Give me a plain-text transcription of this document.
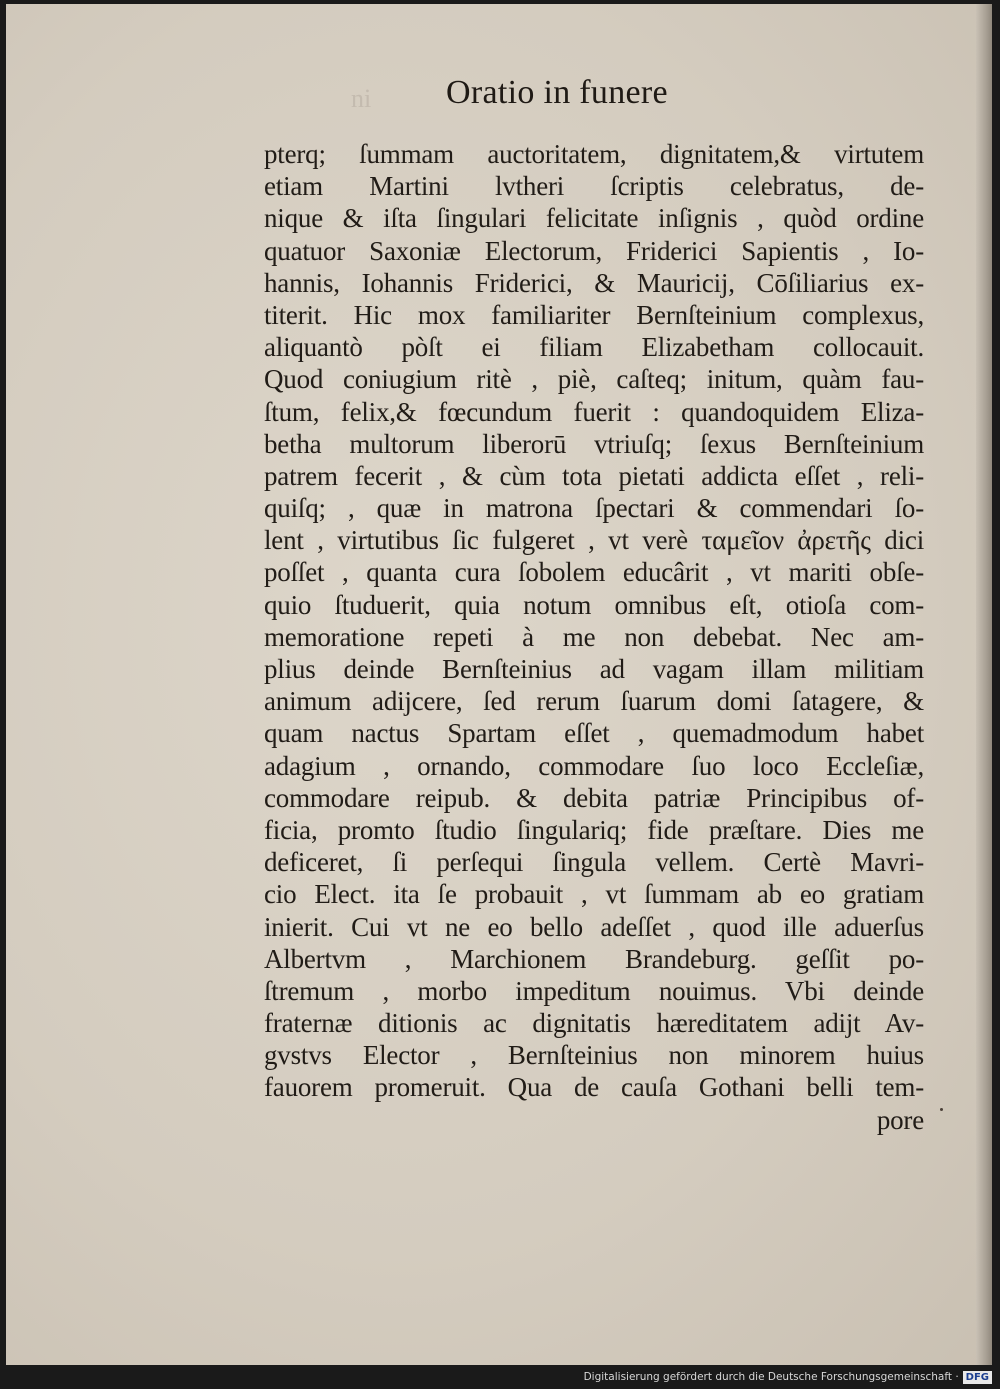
ni Oratio in funere
pterq; ſummam auctoritatem, dignitatem,& virtutem
etiam Martini lvtheri ſcriptis celebratus, de-
nique & iſta ſingulari felicitate inſignis , quòd ordine
quatuor Saxoniæ Electorum, Friderici Sapientis , Io-
hannis, Iohannis Friderici, & Mauricij, Cōſiliarius ex-
titerit. Hic mox familiariter Bernſteinium complexus,
aliquantò pòſt ei filiam Elizabetham collocauit.
Quod coniugium ritè , piè, caſteq; initum, quàm fau-
ſtum, felix,& fœcundum fuerit : quandoquidem Eliza-
betha multorum liberorū vtriuſq; ſexus Bernſteinium
patrem fecerit , & cùm tota pietati addicta eſſet , reli-
quiſq; , quæ in matrona ſpectari & commendari ſo-
lent , virtutibus ſic fulgeret , vt verè ταμεῖον ἀρετῆς dici
poſſet , quanta cura ſobolem educârit , vt mariti obſe-
quio ſtuduerit, quia notum omnibus eſt, otioſa com-
memoratione repeti à me non debebat. Nec am-
plius deinde Bernſteinius ad vagam illam militiam
animum adijcere, ſed rerum ſuarum domi ſatagere, &
quam nactus Spartam eſſet , quemadmodum habet
adagium , ornando, commodare ſuo loco Eccleſiæ,
commodare reipub. & debita patriæ Principibus of-
ficia, promto ſtudio ſingulariq; fide præſtare. Dies me
deficeret, ſi perſequi ſingula vellem. Certè Mavri-
cio Elect. ita ſe probauit , vt ſummam ab eo gratiam
inierit. Cui vt ne eo bello adeſſet , quod ille aduerſus
Albertvm , Marchionem Brandeburg. geſſit po-
ſtremum , morbo impeditum nouimus. Vbi deinde
fraternæ ditionis ac dignitatis hæreditatem adijt Av-
gvstvs Elector , Bernſteinius non minorem huius
fauorem promeruit. Qua de cauſa Gothani belli tem-
pore
Digitalisierung gefördert durch die Deutsche Forschungsgemeinschaft · DFG
